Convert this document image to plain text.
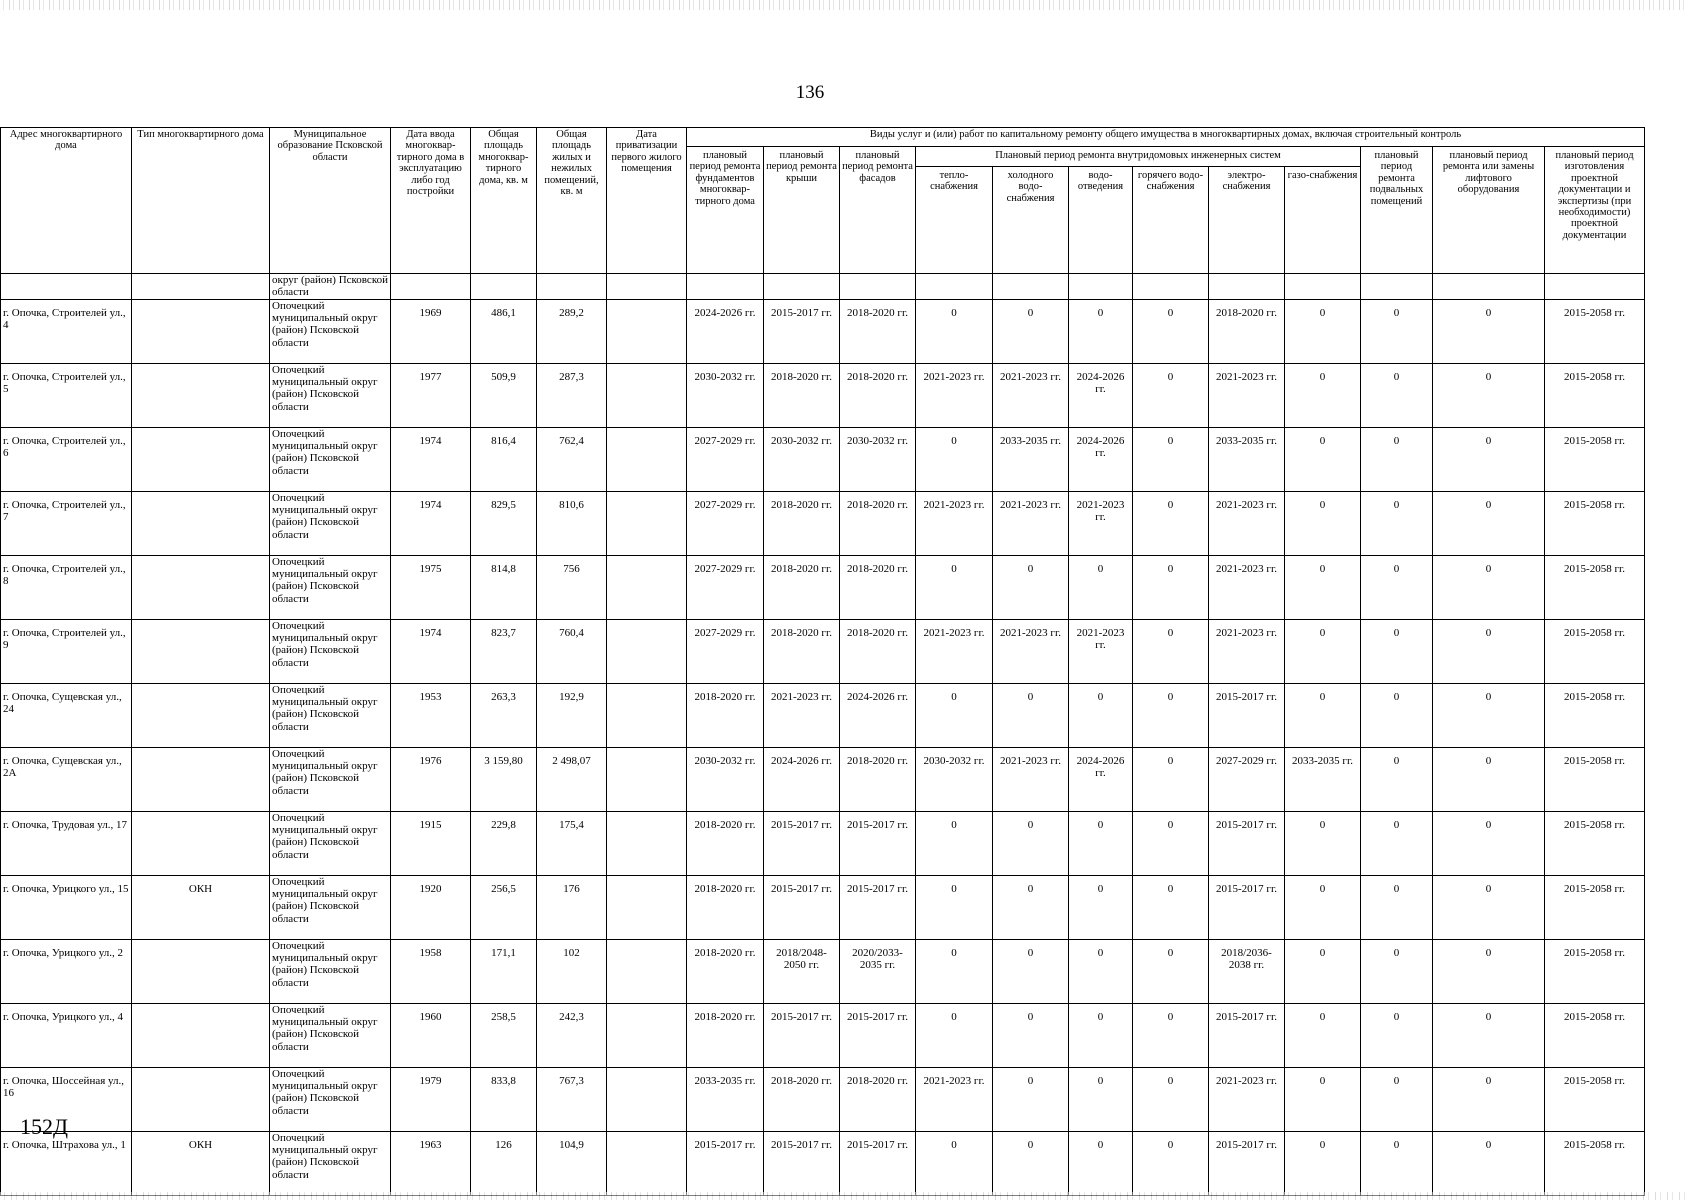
136
Адрес многоквартирного дома	Тип многоквартирного дома	Муниципальное образование Псковской области	Дата ввода многоквар-тирного дома в эксплуатацию либо год постройки	Общая площадь многоквар-тирного дома, кв. м	Общая площадь жилых и нежилых помещений, кв. м	Дата приватизации первого жилого помещения	Виды услуг и (или) работ по капитальному ремонту общего имущества в многоквартирных домах, включая строительный контроль											
							плановый период ремонта фундаментов многоквар-тирного дома	плановый период ремонта крыши	плановый период ремонта фасадов	Плановый период ремонта внутридомовых инженерных систем						плановый период ремонта подвальных помещений	плановый период ремонта или замены лифтового оборудования	плановый период изготовления проектной документации и экспертизы (при необходимости) проектной документации
										тепло-снабжения	холодного водо-снабжения	водо-отведения	горячего водо-снабжения	электро-снабжения	газо-снабжения			
		округ (район) Псковской области																
г. Опочка, Строителей ул., 4		Опочецкий муниципальный округ (район) Псковской области	1969	486,1	289,2		2024-2026 гг.	2015-2017 гг.	2018-2020 гг.	0	0	0	0	2018-2020 гг.	0	0	0	2015-2058 гг.
г. Опочка, Строителей ул., 5		Опочецкий муниципальный округ (район) Псковской области	1977	509,9	287,3		2030-2032 гг.	2018-2020 гг.	2018-2020 гг.	2021-2023 гг.	2021-2023 гг.	2024-2026 гг.	0	2021-2023 гг.	0	0	0	2015-2058 гг.
г. Опочка, Строителей ул., 6		Опочецкий муниципальный округ (район) Псковской области	1974	816,4	762,4		2027-2029 гг.	2030-2032 гг.	2030-2032 гг.	0	2033-2035 гг.	2024-2026 гг.	0	2033-2035 гг.	0	0	0	2015-2058 гг.
г. Опочка, Строителей ул., 7		Опочецкий муниципальный округ (район) Псковской области	1974	829,5	810,6		2027-2029 гг.	2018-2020 гг.	2018-2020 гг.	2021-2023 гг.	2021-2023 гг.	2021-2023 гг.	0	2021-2023 гг.	0	0	0	2015-2058 гг.
г. Опочка, Строителей ул., 8		Опочецкий муниципальный округ (район) Псковской области	1975	814,8	756		2027-2029 гг.	2018-2020 гг.	2018-2020 гг.	0	0	0	0	2021-2023 гг.	0	0	0	2015-2058 гг.
г. Опочка, Строителей ул., 9		Опочецкий муниципальный округ (район) Псковской области	1974	823,7	760,4		2027-2029 гг.	2018-2020 гг.	2018-2020 гг.	2021-2023 гг.	2021-2023 гг.	2021-2023 гг.	0	2021-2023 гг.	0	0	0	2015-2058 гг.
г. Опочка, Сущевская ул., 24		Опочецкий муниципальный округ (район) Псковской области	1953	263,3	192,9		2018-2020 гг.	2021-2023 гг.	2024-2026 гг.	0	0	0	0	2015-2017 гг.	0	0	0	2015-2058 гг.
г. Опочка, Сущевская ул., 2А		Опочецкий муниципальный округ (район) Псковской области	1976	3 159,80	2 498,07		2030-2032 гг.	2024-2026 гг.	2018-2020 гг.	2030-2032 гг.	2021-2023 гг.	2024-2026 гг.	0	2027-2029 гг.	2033-2035 гг.	0	0	2015-2058 гг.
г. Опочка, Трудовая ул., 17		Опочецкий муниципальный округ (район) Псковской области	1915	229,8	175,4		2018-2020 гг.	2015-2017 гг.	2015-2017 гг.	0	0	0	0	2015-2017 гг.	0	0	0	2015-2058 гг.
г. Опочка, Урицкого ул., 15	ОКН	Опочецкий муниципальный округ (район) Псковской области	1920	256,5	176		2018-2020 гг.	2015-2017 гг.	2015-2017 гг.	0	0	0	0	2015-2017 гг.	0	0	0	2015-2058 гг.
г. Опочка, Урицкого ул., 2		Опочецкий муниципальный округ (район) Псковской области	1958	171,1	102		2018-2020 гг.	2018/2048-2050 гг.	2020/2033-2035 гг.	0	0	0	0	2018/2036-2038 гг.	0	0	0	2015-2058 гг.
г. Опочка, Урицкого ул., 4		Опочецкий муниципальный округ (район) Псковской области	1960	258,5	242,3		2018-2020 гг.	2015-2017 гг.	2015-2017 гг.	0	0	0	0	2015-2017 гг.	0	0	0	2015-2058 гг.
г. Опочка, Шоссейная ул., 16		Опочецкий муниципальный округ (район) Псковской области	1979	833,8	767,3		2033-2035 гг.	2018-2020 гг.	2018-2020 гг.	2021-2023 гг.	0	0	0	2021-2023 гг.	0	0	0	2015-2058 гг.
г. Опочка, Штрахова ул., 1	ОКН	Опочецкий муниципальный округ (район) Псковской области	1963	126	104,9		2015-2017 гг.	2015-2017 гг.	2015-2017 гг.	0	0	0	0	2015-2017 гг.	0	0	0	2015-2058 гг.
152Д
